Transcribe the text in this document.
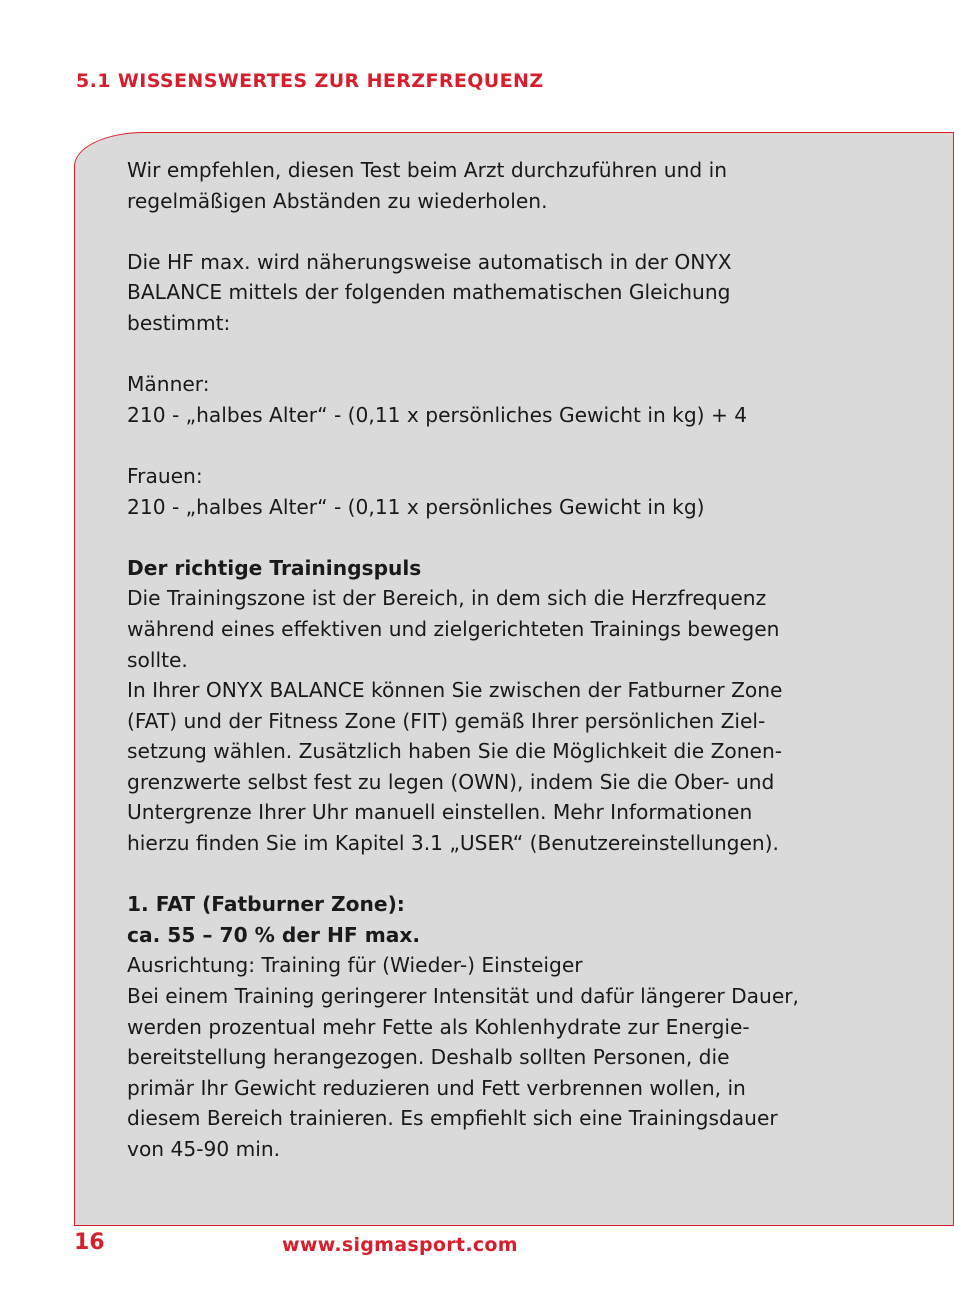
5.1 WISSENSWERTES ZUR HERZFREQUENZ

Wir empfehlen, diesen Test beim Arzt durchzuführen und in

regelmäßigen Abständen zu wiederholen.

Die HF max. wird näherungsweise automatisch in der ONYX

BALANCE mittels der folgenden mathematischen Gleichung

bestimmt:

Männer:

210 - „halbes Alter“ - (0,11 x persönliches Gewicht in kg) + 4

Frauen:

210 - „halbes Alter“ - (0,11 x persönliches Gewicht in kg)

Der richtige Trainingspuls

Die Trainingszone ist der Bereich, in dem sich die Herzfrequenz

während eines effektiven und zielgerichteten Trainings bewegen

sollte.

In Ihrer ONYX BALANCE können Sie zwischen der Fatburner Zone

(FAT) und der Fitness Zone (FIT) gemäß Ihrer persönlichen Ziel-

setzung wählen. Zusätzlich haben Sie die Möglichkeit die Zonen-

grenzwerte selbst fest zu legen (OWN), indem Sie die Ober- und

Untergrenze Ihrer Uhr manuell einstellen. Mehr Informationen

hierzu finden Sie im Kapitel 3.1 „USER“ (Benutzereinstellungen).

1. FAT (Fatburner Zone):

ca. 55 – 70 % der HF max.

Ausrichtung: Training für (Wieder-) Einsteiger

Bei einem Training geringerer Intensität und dafür längerer Dauer,

werden prozentual mehr Fette als Kohlenhydrate zur Energie-

bereitstellung herangezogen. Deshalb sollten Personen, die

primär Ihr Gewicht reduzieren und Fett verbrennen wollen, in

diesem Bereich trainieren. Es empfiehlt sich eine Trainingsdauer

von 45-90 min.

16	www.sigmasport.com
